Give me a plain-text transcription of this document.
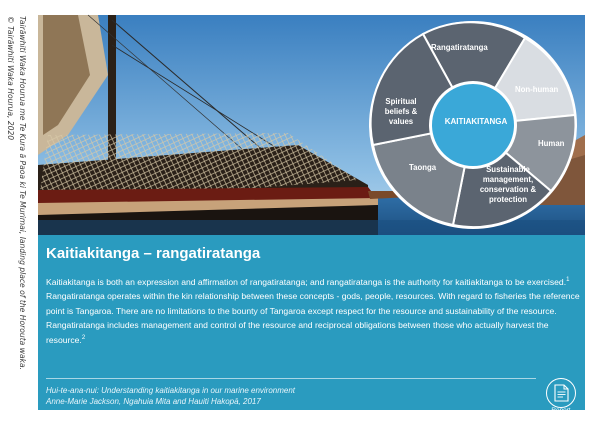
Tairāwhiti Waka Hourua me Te Kura ā Paoa ki Te Murimai, landing place of the Horouta waka.
© Tairāwhiti Waka Hourua, 2020	Rangatiratanga
Non-human
Human
Sustainable management, conservation & protection
Taonga
Spiritual beliefs & values	KAITIAKITANGA
Kaitiakitanga – rangatiratanga
Kaitiakitanga is both an expression and affirmation of rangatiratanga; and rangatiratanga is the authority for kaitiakitanga to be exercised.$^1$ Rangatiratanga operates within the kin relationship between these concepts - gods, people, resources. With regard to fisheries the reference point is Tangaroa. There are no limitations to the bounty of Tangaroa except respect for the resource and sustainability of the resource. Rangatiratanga includes management and control of the resource and reciprocal obligations between those who actually harvest the resource.$^2$
Hui-te-ana-nui: Understanding kaitiakitanga in our marine environment
Anne-Marie Jackson, Ngahuia Mita and Hauiti Hakopā, 2017
Report
